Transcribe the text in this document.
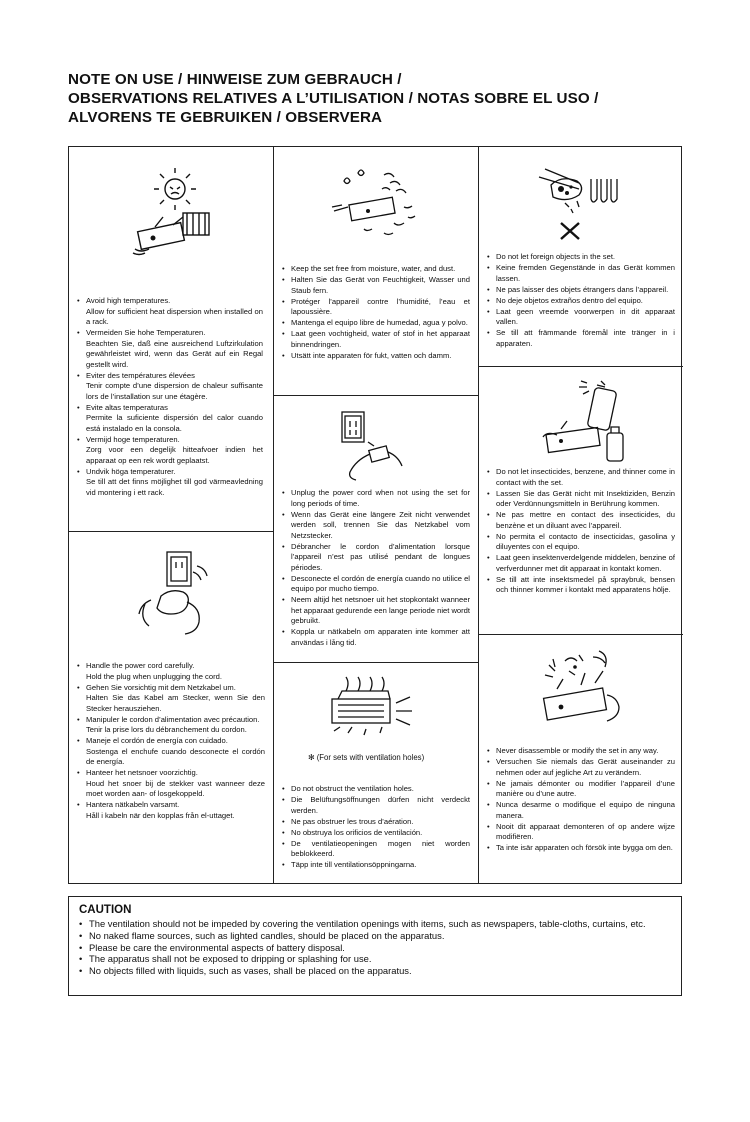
NOTE ON USE / HINWEISE ZUM GEBRAUCH /
OBSERVATIONS RELATIVES A L’UTILISATION / NOTAS SOBRE EL USO /
ALVORENS TE GEBRUIKEN / OBSERVERA
• Avoid high temperatures.
Allow for sufficient heat dispersion when installed on a rack.
• Vermeiden Sie hohe Temperaturen.
Beachten Sie, daß eine ausreichend Luftzirkulation gewährleistet wird, wenn das Gerät auf ein Regal gestellt wird.
• Eviter des températures élevées
Tenir compte d’une dispersion de chaleur suffisante lors de l’installation sur une étagère.
• Evite altas temperaturas
Permite la suficiente dispersión del calor cuando está instalado en la consola.
• Vermijd hoge temperaturen.
Zorg voor een degelijk hitteafvoer indien het apparaat op een rek wordt geplaatst.
• Undvik höga temperaturer.
Se till att det finns möjlighet till god värmeavledning vid montering i ett rack.
• Keep the set free from moisture, water, and dust.
• Halten Sie das Gerät von Feuchtigkeit, Wasser und Staub fern.
• Protéger l’appareil contre l’humidité, l’eau et lapoussière.
• Mantenga el equipo libre de humedad, agua y polvo.
• Laat geen vochtigheid, water of stof in het apparaat binnendringen.
• Utsätt inte apparaten för fukt, vatten och damm.
• Do not let foreign objects in the set.
• Keine fremden Gegenstände in das Gerät kommen lassen.
• Ne pas laisser des objets étrangers dans l’appareil.
• No deje objetos extraños dentro del equipo.
• Laat geen vreemde voorwerpen in dit apparaat vallen.
• Se till att främmande föremål inte tränger in i apparaten.
• Unplug the power cord when not using the set for long periods of time.
• Wenn das Gerät eine längere Zeit nicht verwendet werden soll, trennen Sie das Netzkabel vom Netzstecker.
• Débrancher le cordon d’alimentation lorsque l’appareil n’est pas utilisé pendant de longues périodes.
• Desconecte el cordón de energía cuando no utilice el equipo por mucho tiempo.
• Neem altijd het netsnoer uit het stopkontakt wanneer het apparaat gedurende een lange periode niet wordt gebruikt.
• Koppla ur nätkabeln om apparaten inte kommer att användas i lång tid.
• Do not let insecticides, benzene, and thinner come in contact with the set.
• Lassen Sie das Gerät nicht mit Insektiziden, Benzin oder Verdünnungsmitteln in Berührung kommen.
• Ne pas mettre en contact des insecticides, du benzène et un diluant avec l’appareil.
• No permita el contacto de insecticidas, gasolina y diluyentes con el equipo.
• Laat geen insektenverdelgende middelen, benzine of verfverdunner met dit apparaat in kontakt komen.
• Se till att inte insektsmedel på spraybruk, bensen och thinner kommer i kontakt med apparatens hölje.
• Handle the power cord carefully.
Hold the plug when unplugging the cord.
• Gehen Sie vorsichtig mit dem Netzkabel um.
Halten Sie das Kabel am Stecker, wenn Sie den Stecker herausziehen.
• Manipuler le cordon d’alimentation avec précaution.
Tenir la prise lors du débranchement du cordon.
• Maneje el cordón de energía con cuidado.
Sostenga el enchufe cuando desconecte el cordón de energía.
• Hanteer het netsnoer voorzichtig.
Houd het snoer bij de stekker vast wanneer deze moet worden aan- of losgekoppeld.
• Hantera nätkabeln varsamt.
Håll i kabeln när den kopplas från el-uttaget.
✻ (For sets with ventilation holes)
• Do not obstruct the ventilation holes.
• Die Belüftungsöffnungen dürfen nicht verdeckt werden.
• Ne pas obstruer les trous d’aération.
• No obstruya los orificios de ventilación.
• De ventilatieopeningen mogen niet worden beblokkeerd.
• Täpp inte till ventilationsöppningarna.
• Never disassemble or modify the set in any way.
• Versuchen Sie niemals das Gerät auseinander zu nehmen oder auf jegliche Art zu verändern.
• Ne jamais démonter ou modifier l’appareil d’une manière ou d’une autre.
• Nunca desarme o modifique el equipo de ninguna manera.
• Nooit dit apparaat demonteren of op andere wijze modifiëren.
• Ta inte isär apparaten och försök inte bygga om den.
CAUTION
• The ventilation should not be impeded by covering the ventilation openings with items, such as newspapers, table-cloths, curtains, etc.
• No naked flame sources, such as lighted candles, should be placed on the apparatus.
• Please be care the environmental aspects of battery disposal.
• The apparatus shall not be exposed to dripping or splashing for use.
• No objects filled with liquids, such as vases, shall be placed on the apparatus.
